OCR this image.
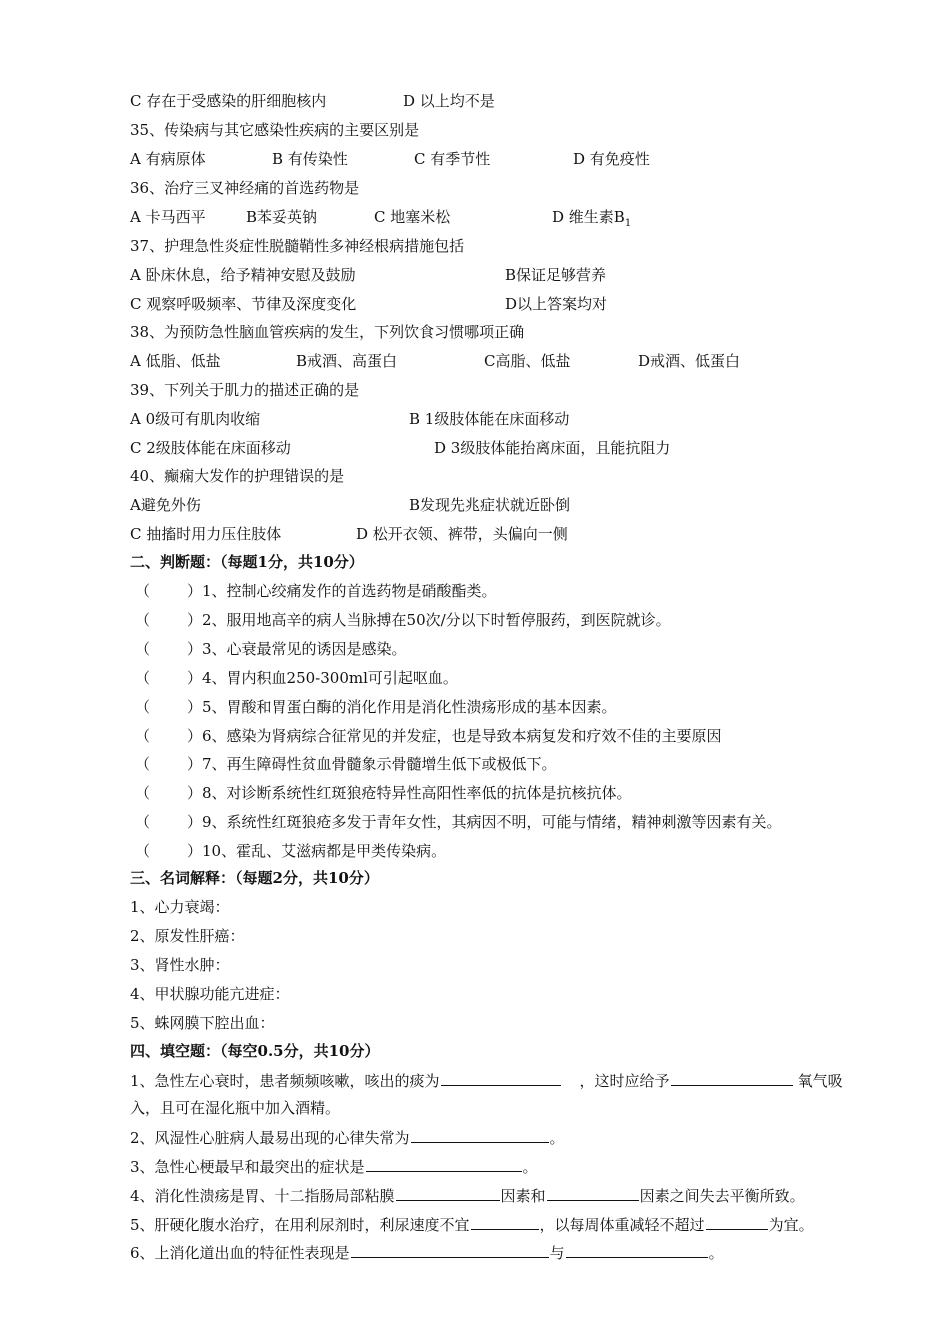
C 存在于受感染的肝细胞核内	D 以上均不是
35、传染病与其它感染性疾病的主要区别是
A 有病原体	B 有传染性	C 有季节性	D 有免疫性
36、治疗三叉神经痛的首选药物是
A 卡马西平	B苯妥英钠	C 地塞米松	D 维生素$B_1$
37、护理急性炎症性脱髓鞘性多神经根病措施包括
A 卧床休息，给予精神安慰及鼓励	B保证足够营养
C 观察呼吸频率、节律及深度变化	D以上答案均对
38、为预防急性脑血管疾病的发生，下列饮食习惯哪项正确
A 低脂、低盐	B戒酒、高蛋白	C高脂、低盐	D戒酒、低蛋白
39、下列关于肌力的描述正确的是
A 0级可有肌肉收缩	B 1级肢体能在床面移动
C 2级肢体能在床面移动	D 3级肢体能抬离床面，且能抗阻力
40、癫痫大发作的护理错误的是
A避免外伤	B发现先兆症状就近卧倒
C 抽搐时用力压住肢体	D 松开衣领、裤带，头偏向一侧
二、判断题：（每题1分，共10分）
（ ）1、控制心绞痛发作的首选药物是硝酸酯类。
（ ）2、服用地高辛的病人当脉搏在50次/分以下时暂停服药，到医院就诊。
（ ）3、心衰最常见的诱因是感染。
（ ）4、胃内积血250-300ml可引起呕血。
（ ）5、胃酸和胃蛋白酶的消化作用是消化性溃疡形成的基本因素。
（ ）6、感染为肾病综合征常见的并发症，也是导致本病复发和疗效不佳的主要原因
（ ）7、再生障碍性贫血骨髓象示骨髓增生低下或极低下。
（ ）8、对诊断系统性红斑狼疮特异性高阳性率低的抗体是抗核抗体。
（ ）9、系统性红斑狼疮多发于青年女性，其病因不明，可能与情绪，精神刺激等因素有关。
（ ）10、霍乱、艾滋病都是甲类传染病。
三、名词解释：（每题2分，共10分）
1、心力衰竭：
2、原发性肝癌：
3、肾性水肿：
4、甲状腺功能亢进症：
5、蛛网膜下腔出血：
四、填空题：（每空0.5分，共10分）
1、急性左心衰时，患者频频咳嗽，咳出的痰为	，这时应给予	氧气吸
入，且可在湿化瓶中加入酒精。
2、风湿性心脏病人最易出现的心律失常为	。
3、急性心梗最早和最突出的症状是	。
4、消化性溃疡是胃、十二指肠局部粘膜	因素和	因素之间失去平衡所致。
5、肝硬化腹水治疗，在用利尿剂时，利尿速度不宜	，以每周体重减轻不超过	为宜。
6、上消化道出血的特征性表现是	与	。
